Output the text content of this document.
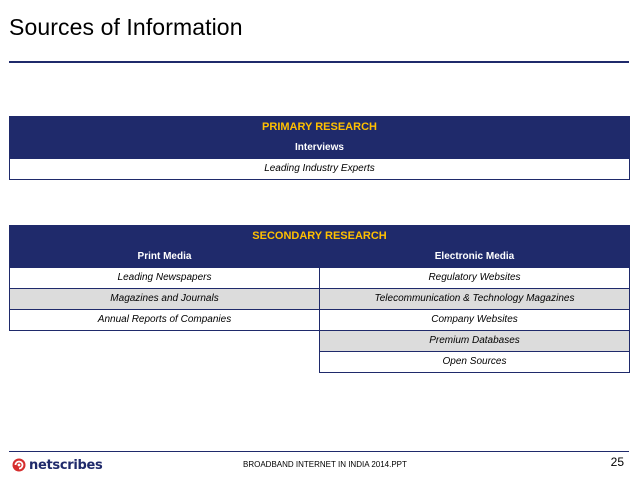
Sources of Information
PRIMARY RESEARCH
Interviews
Leading Industry Experts
SECONDARY RESEARCH	
Print Media	Electronic Media
Leading Newspapers	Regulatory Websites
Magazines and Journals	Telecommunication & Technology Magazines
Annual Reports of Companies	Company Websites
	Premium Databases
	Open Sources
netscribes	BROADBAND INTERNET IN INDIA 2014.PPT	25
